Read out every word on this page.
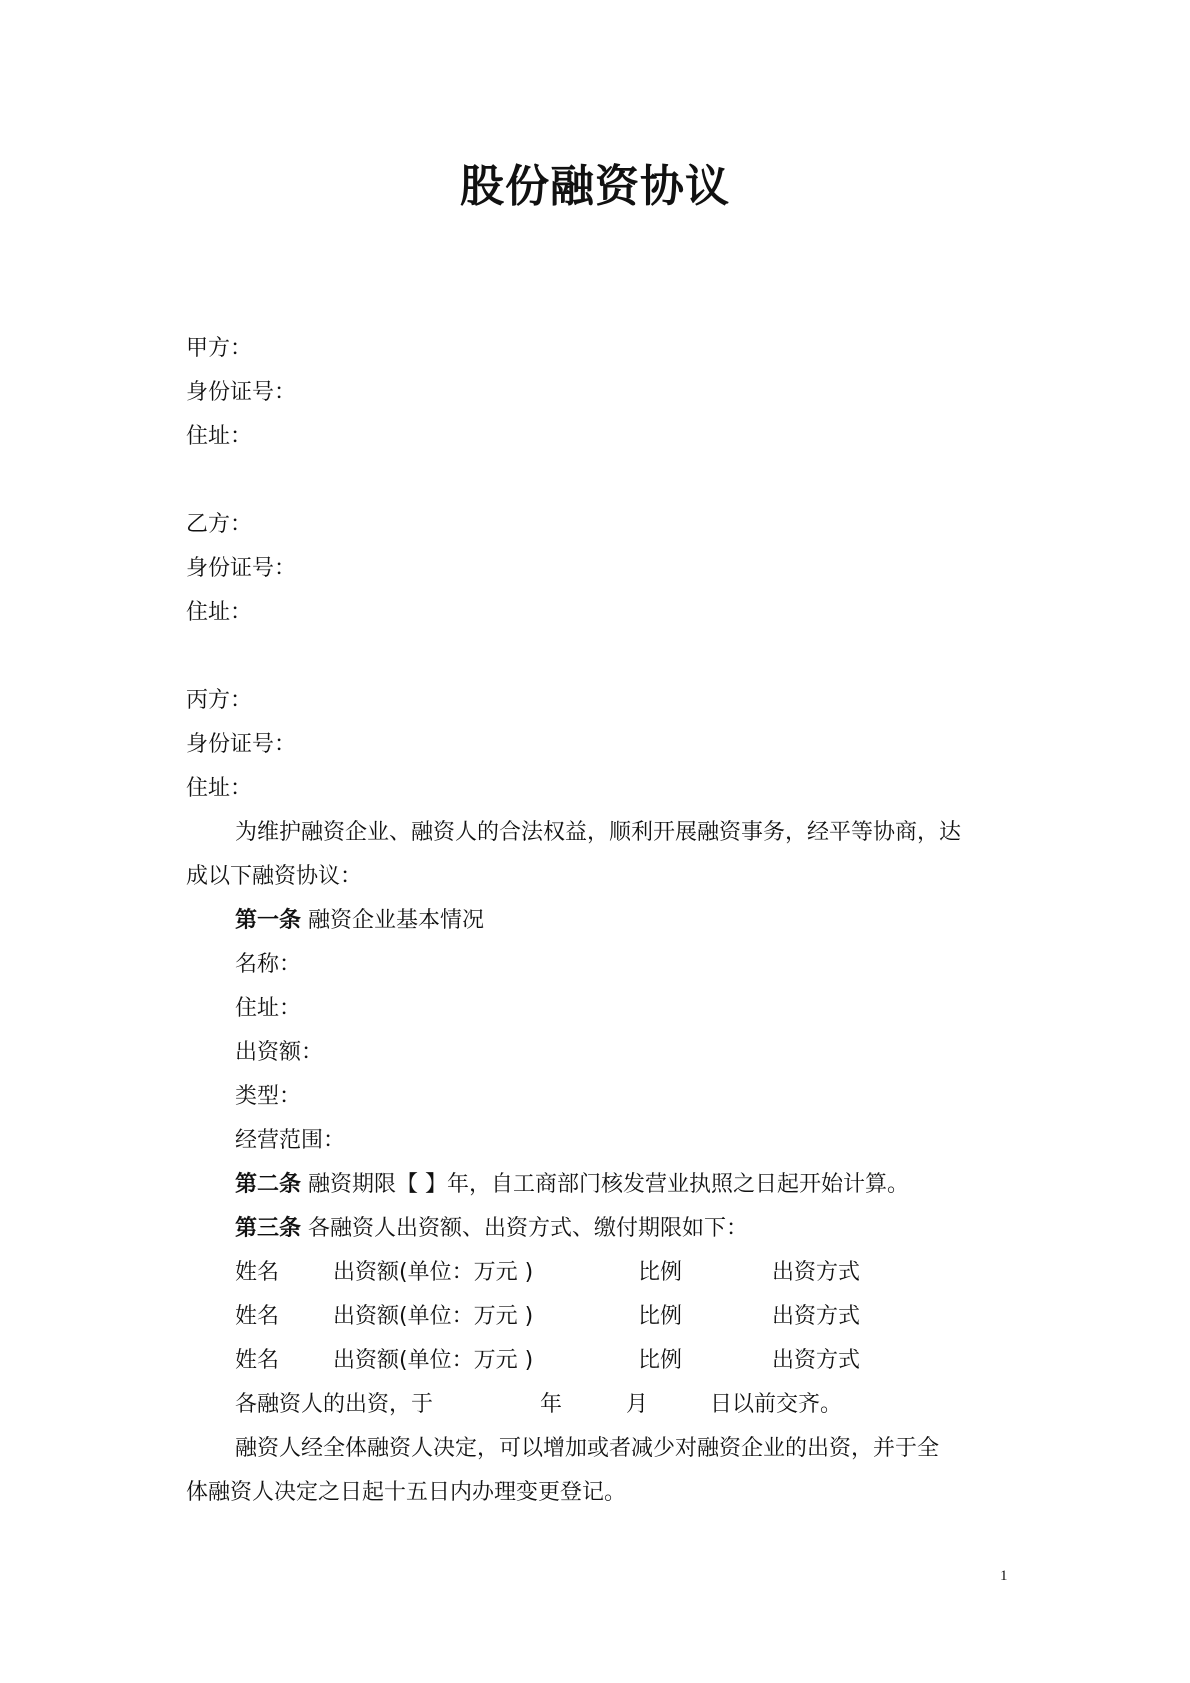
股份融资协议
甲方：
身份证号：
住址：
乙方：
身份证号：
住址：
丙方：
身份证号：
住址：
为维护融资企业、融资人的合法权益，顺利开展融资事务，经平等协商，达
成以下融资协议：
第一条 融资企业基本情况
名称：
住址：
出资额：
类型：
经营范围：
第二条 融资期限【 】年，自工商部门核发营业执照之日起开始计算。
第三条 各融资人出资额、出资方式、缴付期限如下：
姓名 出资额(单位：万元 )	比例	出资方式
姓名 出资额(单位：万元 )	比例	出资方式
姓名 出资额(单位：万元 )	比例	出资方式
各融资人的出资，于	年	月	日以前交齐。
融资人经全体融资人决定，可以增加或者减少对融资企业的出资，并于全
体融资人决定之日起十五日内办理变更登记。
1
